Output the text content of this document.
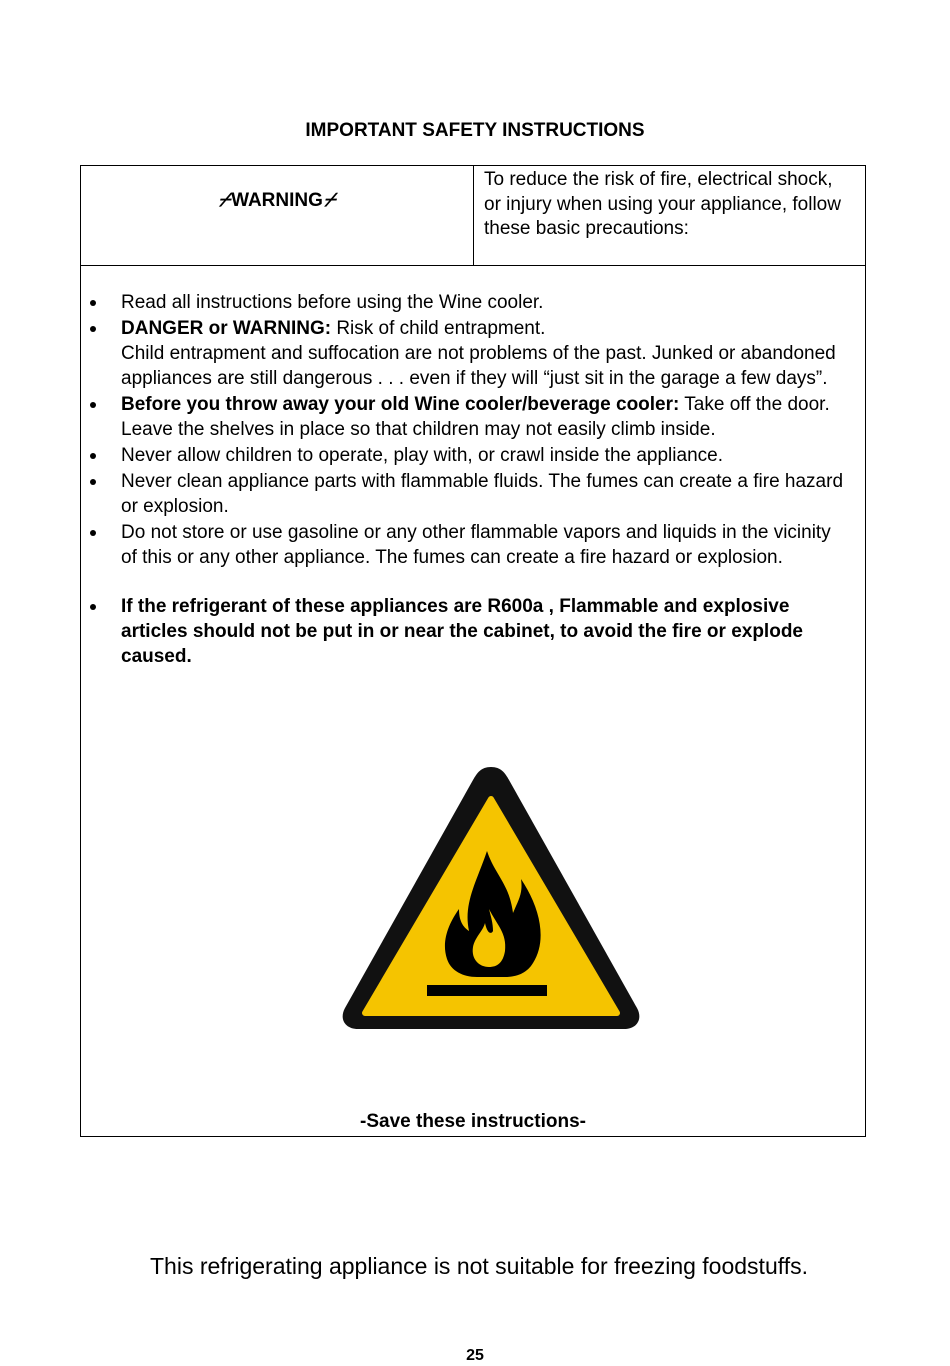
IMPORTANT SAFETY INSTRUCTIONS
⌿WARNING⌿
To reduce the risk of fire, electrical shock, or injury when using your appliance, follow these basic precautions:
Read all instructions before using the Wine cooler.
DANGER or WARNING: Risk of child entrapment.
Child entrapment and suffocation are not problems of the past. Junked or abandoned appliances are still dangerous . . . even if they will “just sit in the garage a few days”.
Before you throw away your old Wine cooler/beverage cooler: Take off the door. Leave the shelves in place so that children may not easily climb inside.
Never allow children to operate, play with, or crawl inside the appliance.
Never clean appliance parts with flammable fluids. The fumes can create a fire hazard or explosion.
Do not store or use gasoline or any other flammable vapors and liquids in the vicinity of this or any other appliance. The fumes can create a fire hazard or explosion.
If the refrigerant of these appliances are R600a , Flammable and explosive articles should not be put in or near the cabinet, to avoid the fire or explode caused.
-Save these instructions-
This refrigerating appliance is not suitable for freezing foodstuffs.
25
